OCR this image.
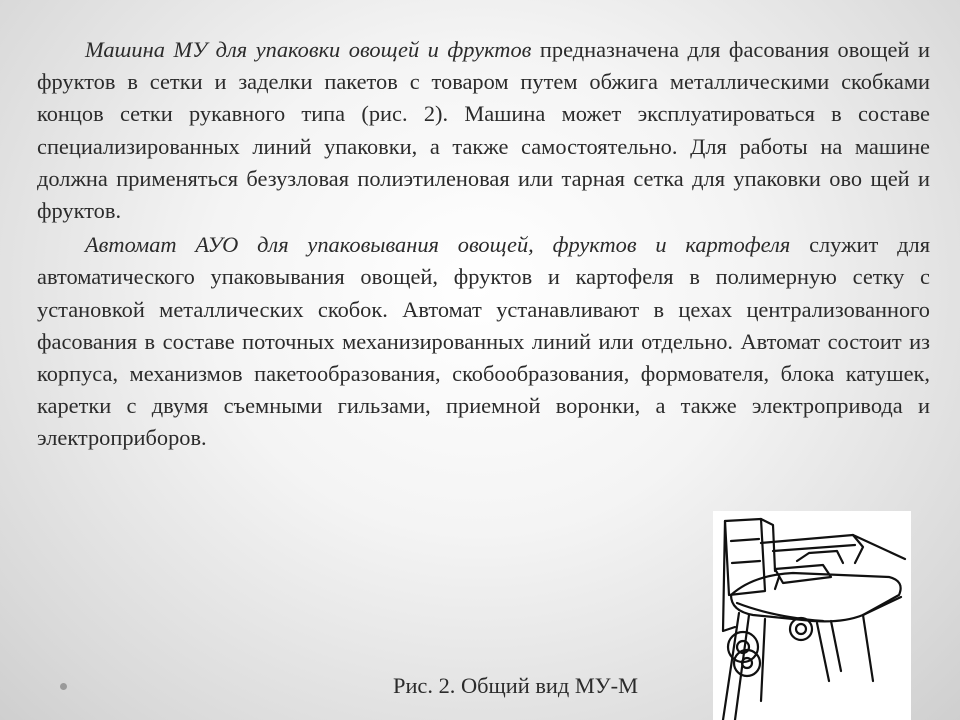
Машина МУ для упаковки овощей и фруктов предназначена для фасования овощей и фруктов в сетки и заделки пакетов с товаром путем обжига металлическими скобками концов сетки рукавного типа (рис. 2). Машина может эксплуатироваться в составе специализированных линий упаковки, а также самостоятельно. Для работы на машине должна применяться безузловая полиэтиленовая или тарная сетка для упаковки ово щей и фруктов.

Автомат АУО для упаковывания овощей, фруктов и картофеля служит для автоматического упаковывания овощей, фруктов и картофеля в полимерную сетку с установкой металлических скобок. Автомат устанавливают в цехах централизованного фасования в составе поточных механизированных линий или отдельно. Автомат состоит из корпуса, механизмов пакетообразования, скобообразования, формователя, блока катушек, каретки с двумя съемными гильзами, приемной воронки, а также электропривода и электроприборов.

Рис. 2. Общий вид МУ-М
